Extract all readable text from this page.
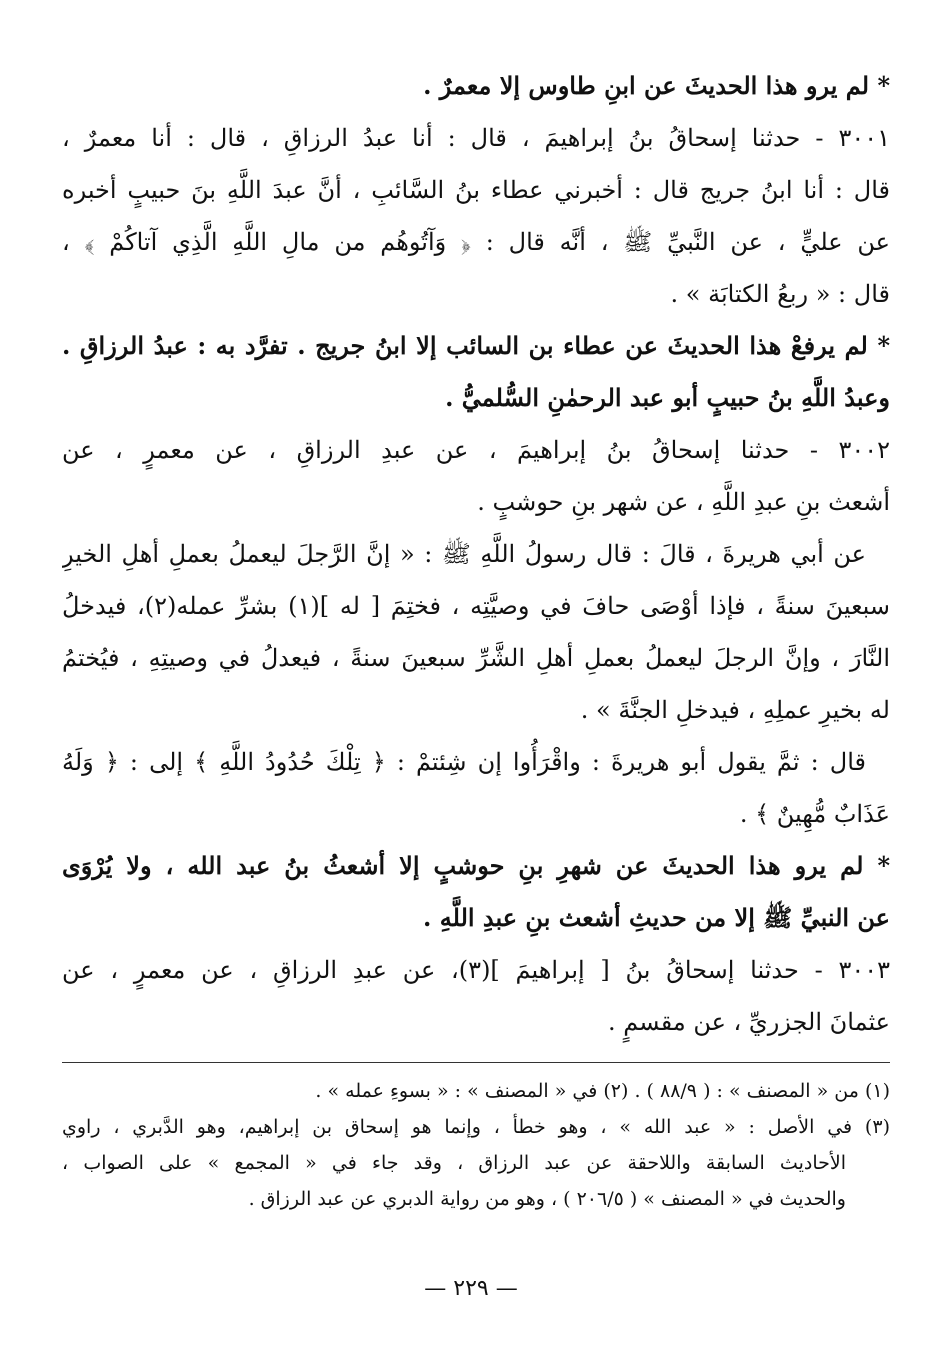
* لم يرو هذا الحديثَ عن ابنِ طاوس إلا معمرٌ .
٣٠٠١ - حدثنا إسحاقُ بنُ إبراهيمَ ، قال : أنا عبدُ الرزاقِ ، قال : أنا معمرٌ ،
قال : أنا ابنُ جريج قال : أخبرني عطاء بنُ السَّائبِ ، أنَّ عبدَ اللَّهِ بنَ حبيبٍ أخبره
عن عليٍّ ، عن النَّبيِّ ﷺ ، أنَّه قال : ﴿ وَآتُوهُم من مالِ اللَّهِ الَّذِي آتاكُمْ ﴾ ،
قال : « ربعُ الكتابَة » .
* لم يرفعْ هذا الحديثَ عن عطاء بن السائب إلا ابنُ جريج . تفرَّد به : عبدُ الرزاقِ .
وعبدُ اللَّهِ بنُ حبيبٍ أبو عبد الرحمٰنِ السُّلميُّ .
٣٠٠٢ - حدثنا إسحاقُ بنُ إبراهيمَ ، عن عبدِ الرزاقِ ، عن معمرٍ ، عن
أشعث بنِ عبدِ اللَّهِ ، عن شهر بنِ حوشبٍ .
عن أبي هريرةَ ، قالَ : قال رسولُ اللَّهِ ﷺ : « إنَّ الرَّجلَ ليعملُ بعملِ أهلِ الخيرِ
سبعينَ سنةً ، فإذا أوْصَى حافَ في وصيَّتِه ، فختِمَ [ له ](١) بشرِّ عمله(٢)، فيدخلُ
النَّارَ ، وإنَّ الرجلَ ليعملُ بعملِ أهلِ الشَّرِّ سبعينَ سنةً ، فيعدلُ في وصيتِهِ ، فيُختمُ
له بخيرِ عملِهِ ، فيدخلِ الجنَّةَ » .
قال : ثمَّ يقول أبو هريرةَ : واقْرَأُوا إن شِئتمْ : ﴿ تِلْكَ حُدُودُ اللَّهِ ﴾ إلى : ﴿ وَلَهُ
عَذَابٌ مُّهِينٌ ﴾ .
* لم يرو هذا الحديثَ عن شهرِ بنِ حوشبٍ إلا أشعثُ بنُ عبد الله ، ولا يُرْوَى
عن النبيِّ ﷺ إلا من حديثِ أشعث بنِ عبدِ اللَّهِ .
٣٠٠٣ - حدثنا إسحاقُ بنُ [ إبراهيمَ ](٣)، عن عبدِ الرزاقِ ، عن معمرٍ ، عن
عثمانَ الجزريِّ ، عن مقسمٍ .
(١) من « المصنف » : ( ٨٨/٩ ) . (٢) في « المصنف » : « بسوءِ عمله » .
(٣) في الأصل : « عبد الله » ، وهو خطأ ، وإنما هو إسحاق بن إبراهيم، وهو الدَّبري ، راوي
الأحاديث السابقة واللاحقة عن عبد الرزاق ، وقد جاء في « المجمع » على الصواب ،
والحديث في « المصنف » ( ٢٠٦/٥ ) ، وهو من رواية الدبري عن عبد الرزاق .
— ٢٢٩ —
